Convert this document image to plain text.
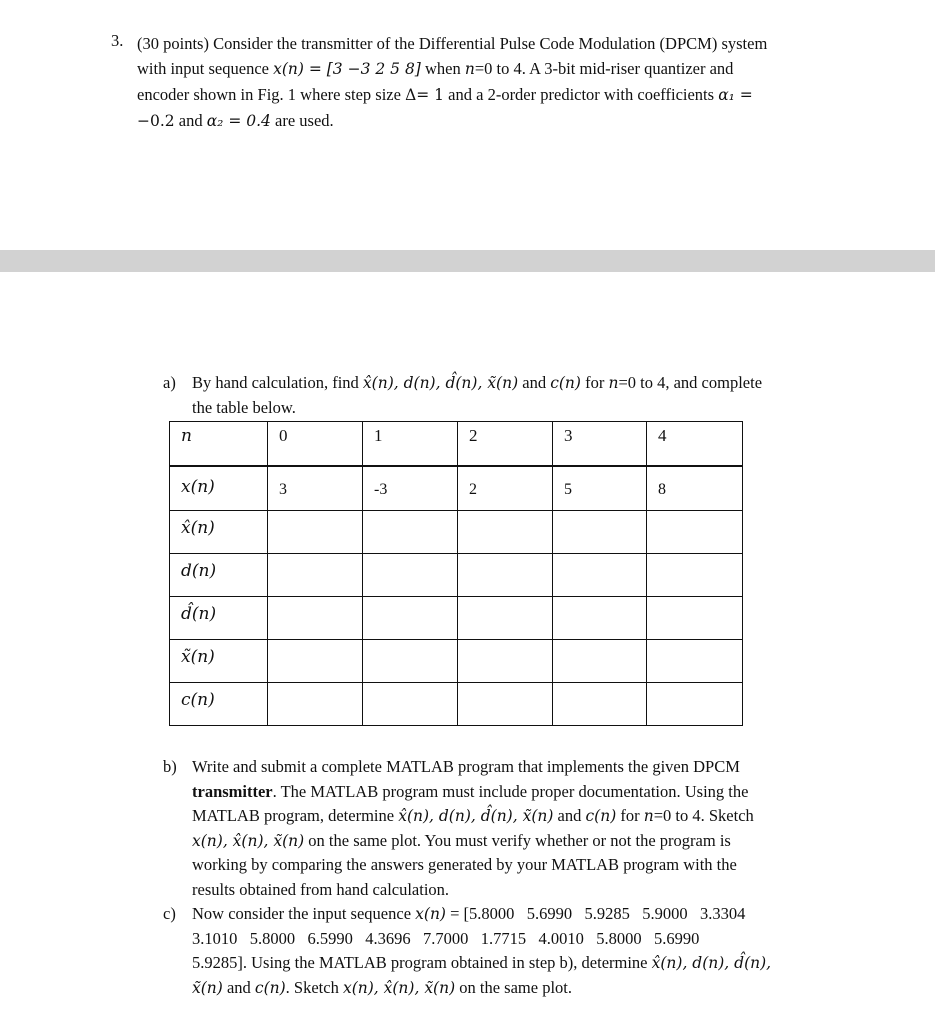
3. (30 points) Consider the transmitter of the Differential Pulse Code Modulation (DPCM) system
with input sequence x(n) = [3 −3 2 5 8] when n=0 to 4. A 3-bit mid-riser quantizer and
encoder shown in Fig. 1 where step size Δ= 1 and a 2-order predictor with coefficients α₁ =
−0.2 and α₂ = 0.4 are used.
a) By hand calculation, find x̂(n), d(n), d̂(n), x̃(n) and c(n) for n=0 to 4, and complete
the table below.
n	0	1	2	3	4
x(n)	3	-3	2	5	8
x̂(n)					
d(n)					
d̂(n)					
x̃(n)					
c(n)					
b) Write and submit a complete MATLAB program that implements the given DPCM
transmitter. The MATLAB program must include proper documentation. Using the
MATLAB program, determine x̂(n), d(n), d̂(n), x̃(n) and c(n) for n=0 to 4. Sketch
x(n), x̂(n), x̃(n) on the same plot. You must verify whether or not the program is
working by comparing the answers generated by your MATLAB program with the
results obtained from hand calculation.
c) Now consider the input sequence x(n) = [5.8000   5.6990   5.9285   5.9000   3.3304
3.1010   5.8000   6.5990   4.3696   7.7000   1.7715   4.0010   5.8000   5.6990
5.9285]. Using the MATLAB program obtained in step b), determine x̂(n), d(n), d̂(n),
x̃(n) and c(n). Sketch x(n), x̂(n), x̃(n) on the same plot.
